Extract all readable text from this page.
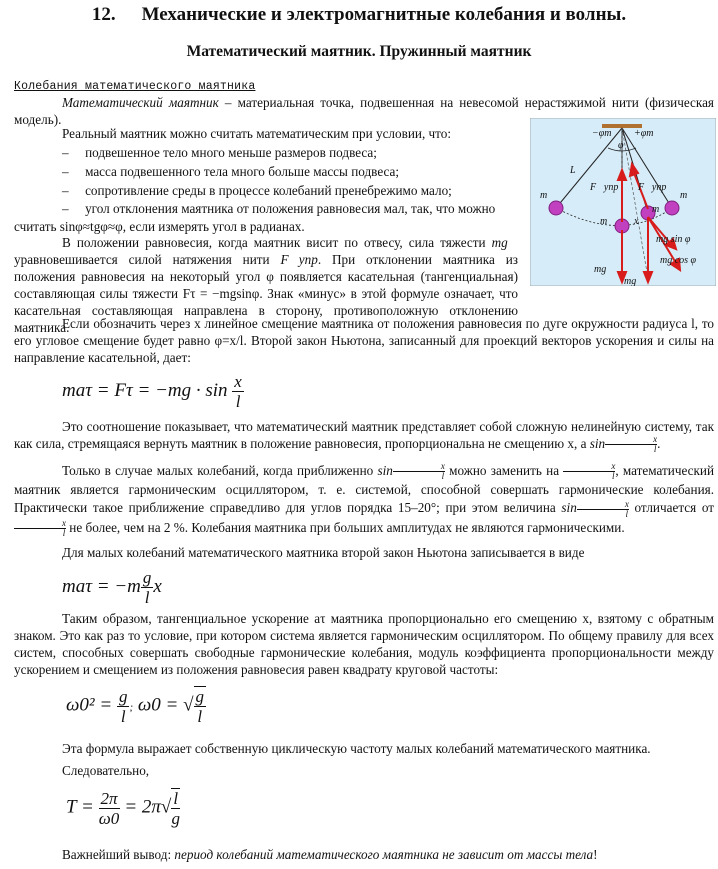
12. Механические и электромагнитные колебания и волны.
Математический маятник. Пружинный маятник
Колебания математического маятника
Математический маятник – материальная точка, подвешенная на невесомой нерастяжимой нити (физическая модель).
Реальный маятник можно считать математическим при условии, что:
–     подвешенное тело много меньше размеров подвеса;
–     масса подвешенного тела много больше массы подвеса;
–     сопротивление среды в процессе колебаний пренебрежимо мало;
–     угол отклонения маятника от положения равновесия мал, так, что можно
считать sinφ≈tgφ≈φ, если измерять угол в радианах.
В положении равновесия, когда маятник висит по отвесу, сила тяжести mg⃗ уравновешивается силой натяжения нити F⃗упр. При отклонении маятника из положения равновесия на некоторый угол φ появляется касательная (тангенциальная) составляющая силы тяжести Fτ = −mgsinφ. Знак «минус» в этой формуле означает, что касательная составляющая направлена в сторону, противоположную отклонению маятника.
−φm +φm
φ
L
F⃗упр F⃗упр
m	m
m
m
x
mg sin φ
mg cos φ
mg⃗
mg⃗
Если обозначить через x линейное смещение маятника от положения равновесия по дуге окружности радиуса l, то его угловое смещение будет равно φ=x/l. Второй закон Ньютона, записанный для проекций векторов ускорения и силы на направление касательной, дает:
$ma\tau = F\tau = -mg \cdot \sin \frac{x}{l}$
Это соотношение показывает, что математический маятник представляет собой сложную нелинейную систему, так как сила, стремящаяся вернуть маятник в положение равновесия, пропорциональна не смещению x, а $\sin \frac{x}{l}$ .
Только в случае малых колебаний, когда приближенно $\sin \frac{x}{l}$ можно заменить на $\frac{x}{l}$ , математический маятник является гармоническим осциллятором, т. е. системой, способной совершать гармонические колебания. Практически такое приближение справедливо для углов порядка 15–20°; при этом величина $\sin \frac{x}{l}$ отличается от
$\frac{x}{l}$ не более, чем на 2 %. Колебания маятника при больших амплитудах не являются гармоническими.
Для малых колебаний математического маятника второй закон Ньютона записывается в виде
$ma\tau = -m \frac{g}{l}$ x
Таким образом, тангенциальное ускорение aτ маятника пропорционально его смещению x, взятому с обратным знаком. Это как раз то условие, при котором система является гармоническим осциллятором. По общему правилу для всех систем, способных совершать свободные гармонические колебания, модуль коэффициента пропорциональности между ускорением и смещением из положения равновесия равен квадрату круговой частоты:
$\omega 0^2 = \frac{g}{l}$ ; ω0 = √ $\frac{g}{l}$
Эта формула выражает собственную циклическую частоту малых колебаний математического маятника.
Следовательно,
$T = \frac{2\pi}{\omega 0} = 2\pi√ \frac{l}{g}$
Важнейший вывод: период колебаний математического маятника не зависит от массы тела!
